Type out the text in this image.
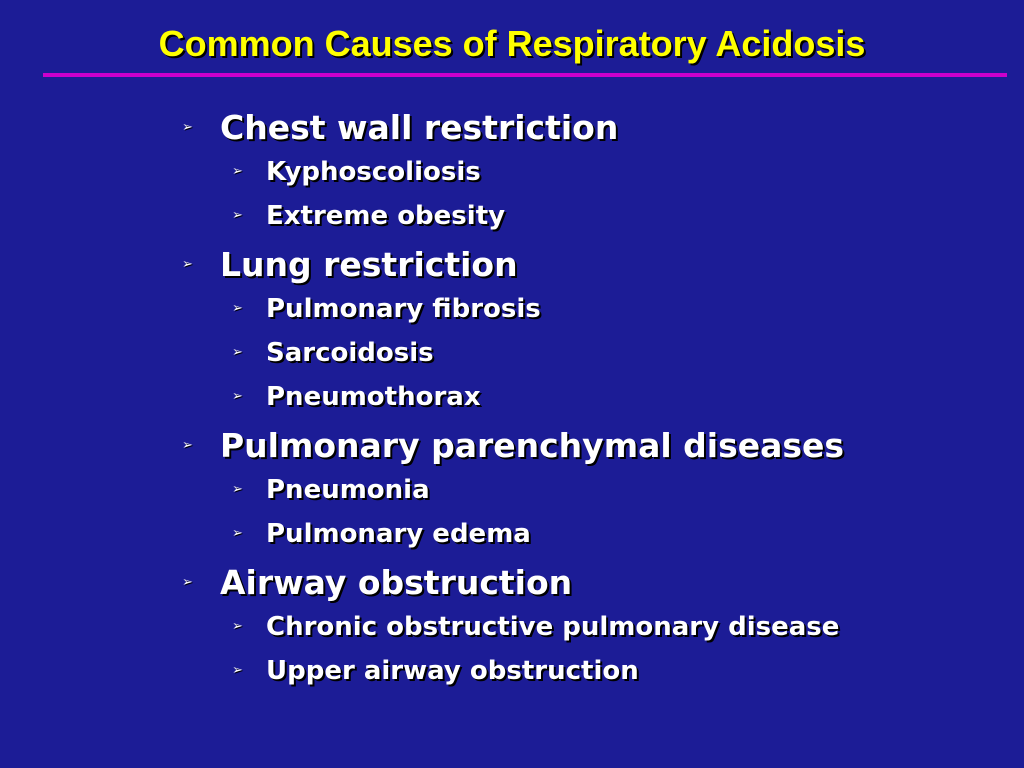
Common Causes of Respiratory Acidosis
➢ Chest wall restriction
➢ Kyphoscoliosis
➢ Extreme obesity
➢ Lung restriction
➢ Pulmonary fibrosis
➢ Sarcoidosis
➢ Pneumothorax
➢ Pulmonary parenchymal diseases
➢ Pneumonia
➢ Pulmonary edema
➢ Airway obstruction
➢ Chronic obstructive pulmonary disease
➢ Upper airway obstruction
